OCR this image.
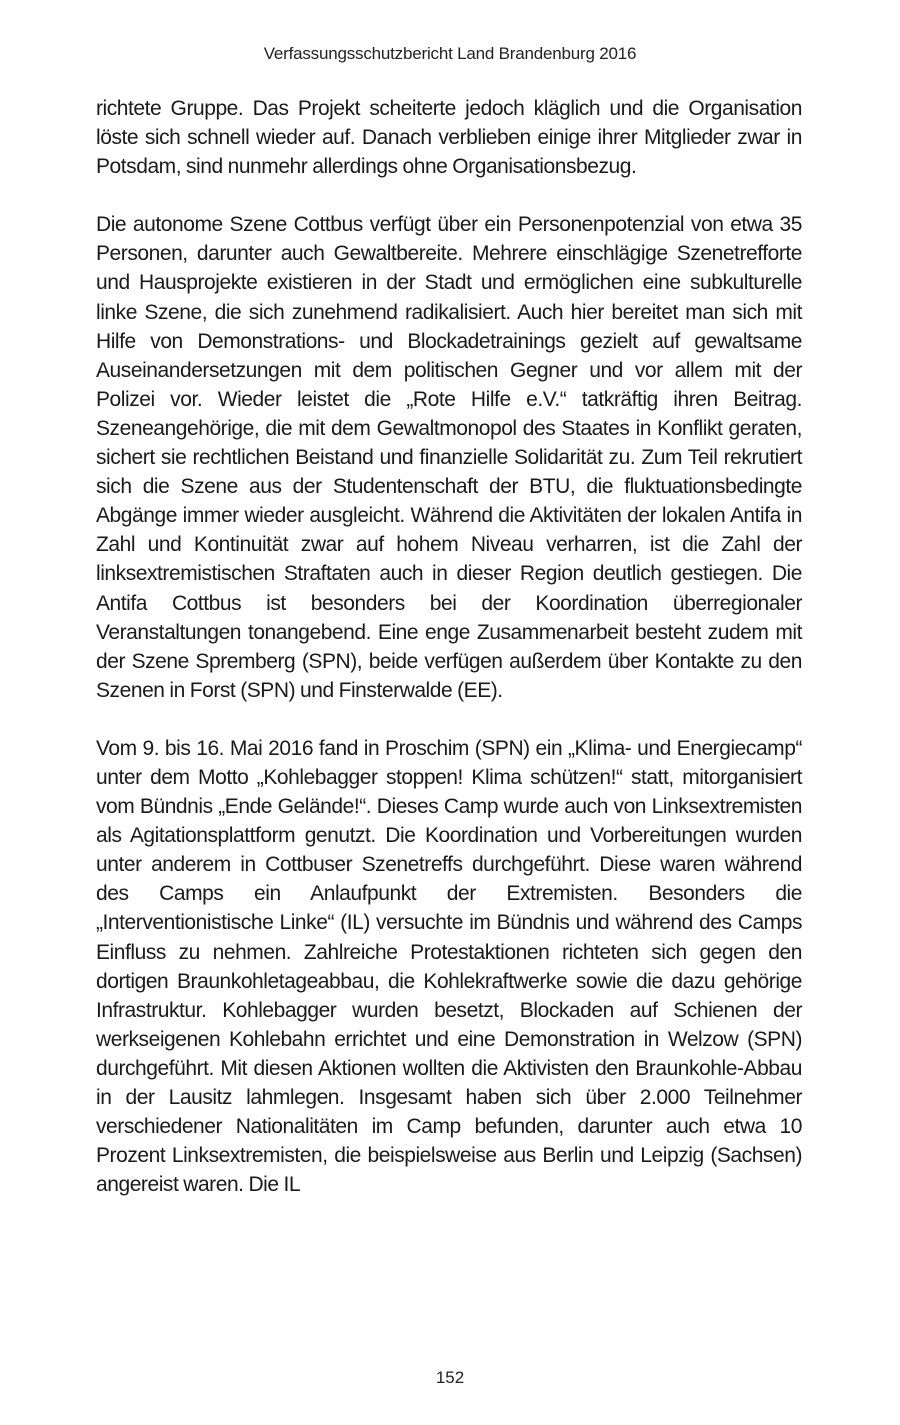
Verfassungsschutzbericht Land Brandenburg 2016

richtete Gruppe. Das Projekt scheiterte jedoch kläglich und die Organisation löste sich schnell wieder auf. Danach verblieben einige ihrer Mitglieder zwar in Potsdam, sind nunmehr allerdings ohne Organisationsbezug.

Die autonome Szene Cottbus verfügt über ein Personenpotenzial von etwa 35 Personen, darunter auch Gewaltbereite. Mehrere einschlägige Szenetrefforte und Hausprojekte existieren in der Stadt und ermöglichen eine subkulturelle linke Szene, die sich zunehmend radikalisiert. Auch hier bereitet man sich mit Hilfe von Demonstrations- und Blockadetrainings gezielt auf gewaltsame Auseinandersetzungen mit dem politischen Gegner und vor allem mit der Polizei vor. Wieder leistet die „Rote Hilfe e.V.“ tatkräftig ihren Beitrag. Szeneangehörige, die mit dem Gewaltmonopol des Staates in Konflikt geraten, sichert sie rechtlichen Beistand und finanzielle Solidarität zu. Zum Teil rekrutiert sich die Szene aus der Studentenschaft der BTU, die fluktuationsbedingte Abgänge immer wieder ausgleicht. Während die Aktivitäten der lokalen Antifa in Zahl und Kontinuität zwar auf hohem Niveau verharren, ist die Zahl der linksextremistischen Straftaten auch in dieser Region deutlich gestiegen. Die Antifa Cottbus ist besonders bei der Koordination überregionaler Veranstaltungen tonangebend. Eine enge Zusammenarbeit besteht zudem mit der Szene Spremberg (SPN), beide verfügen außerdem über Kontakte zu den Szenen in Forst (SPN) und Finsterwalde (EE).

Vom 9. bis 16. Mai 2016 fand in Proschim (SPN) ein „Klima- und Energiecamp“ unter dem Motto „Kohlebagger stoppen! Klima schützen!“ statt, mitorganisiert vom Bündnis „Ende Gelände!“. Dieses Camp wurde auch von Linksextremisten als Agitationsplattform genutzt. Die Koordination und Vorbereitungen wurden unter anderem in Cottbuser Szenetreffs durchgeführt. Diese waren während des Camps ein Anlaufpunkt der Extremisten. Besonders die „Interventionistische Linke“ (IL) versuchte im Bündnis und während des Camps Einfluss zu nehmen. Zahlreiche Protestaktionen richteten sich gegen den dortigen Braunkohletageabbau, die Kohlekraftwerke sowie die dazu gehörige Infrastruktur. Kohlebagger wurden besetzt, Blockaden auf Schienen der werkseigenen Kohlebahn errichtet und eine Demonstration in Welzow (SPN) durchgeführt. Mit diesen Aktionen wollten die Aktivisten den Braunkohle-Abbau in der Lausitz lahmlegen. Insgesamt haben sich über 2.000 Teilnehmer verschiedener Nationalitäten im Camp befunden, darunter auch etwa 10 Prozent Linksextremisten, die beispielsweise aus Berlin und Leipzig (Sachsen) angereist waren. Die IL

152
